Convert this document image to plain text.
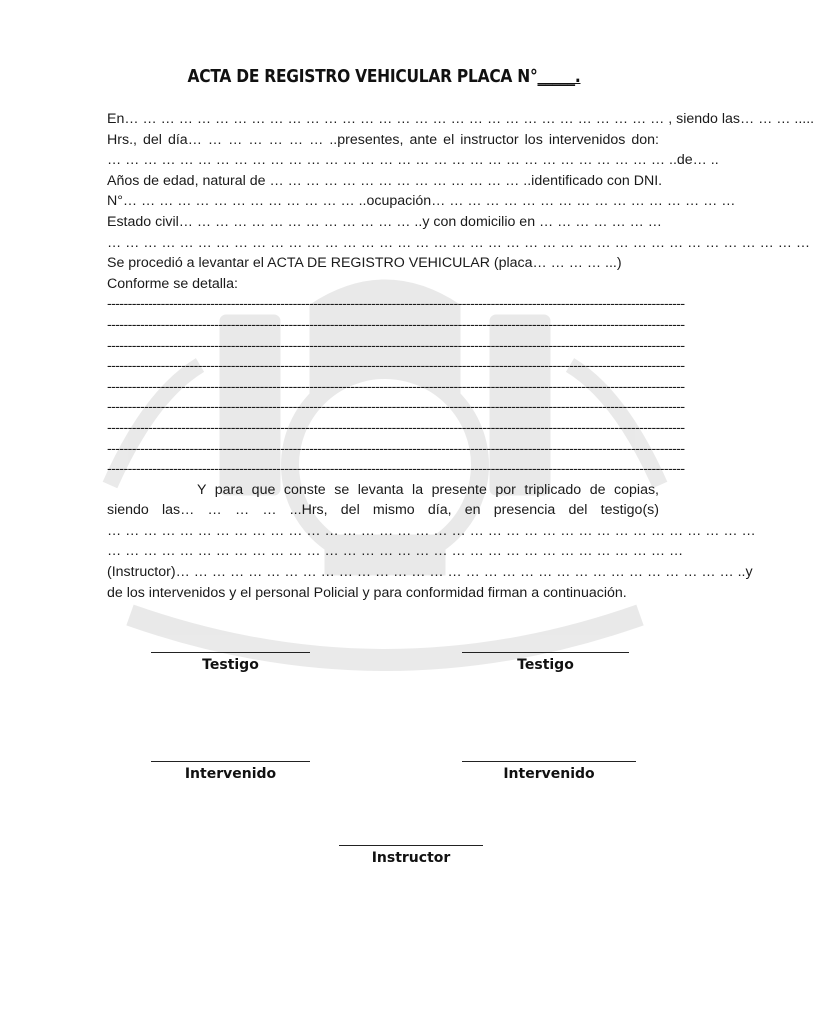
ACTA DE REGISTRO VEHICULAR PLACA N°_____.
En… … … … … … … … … … … … … … … … … … … … … … … … … … … … … … , siendo las… … … .....
Hrs., del día… … … … … … … ..presentes, ante el instructor los intervenidos don:
… … … … … … … … … … … … … … … … … … … … … … … … … … … … … … … ..de… ..
Años de edad, natural de … … … … … … … … … … … … … … ..identificado con DNI.
N°… … … … … … … … … … … … … ..ocupación… … … … … … … … … … … … … … … … …
Estado civil… … … … … … … … … … … … … ..y con domicilio en … … … … … … …
… … … … … … … … … … … … … … … … … … … … … … … … … … … … … … … … … … … … … … …
Se procedió a levantar el ACTA DE REGISTRO VEHICULAR (placa… … … … ...)
Conforme se detalla:
--------------------------------------------------------------------------------------------------------------------------------------------
--------------------------------------------------------------------------------------------------------------------------------------------
--------------------------------------------------------------------------------------------------------------------------------------------
--------------------------------------------------------------------------------------------------------------------------------------------
--------------------------------------------------------------------------------------------------------------------------------------------
--------------------------------------------------------------------------------------------------------------------------------------------
--------------------------------------------------------------------------------------------------------------------------------------------
--------------------------------------------------------------------------------------------------------------------------------------------
--------------------------------------------------------------------------------------------------------------------------------------------
Y para que conste se levanta la presente por triplicado de copias,
siendo las… … … … ...Hrs, del mismo día, en presencia del testigo(s)
… … … … … … … … … … … … … … … … … … … … … … … … … … … … … … … … … … … …
… … … … … … … … … … … … … … … … … … … … … … … … … … … … … … … …
(Instructor)… … … … … … … … … … … … … … … … … … … … … … … … … … … … … … … ..y
de los intervenidos y el personal Policial y para conformidad firman a continuación.
Testigo	Testigo
Intervenido	Intervenido
Instructor
